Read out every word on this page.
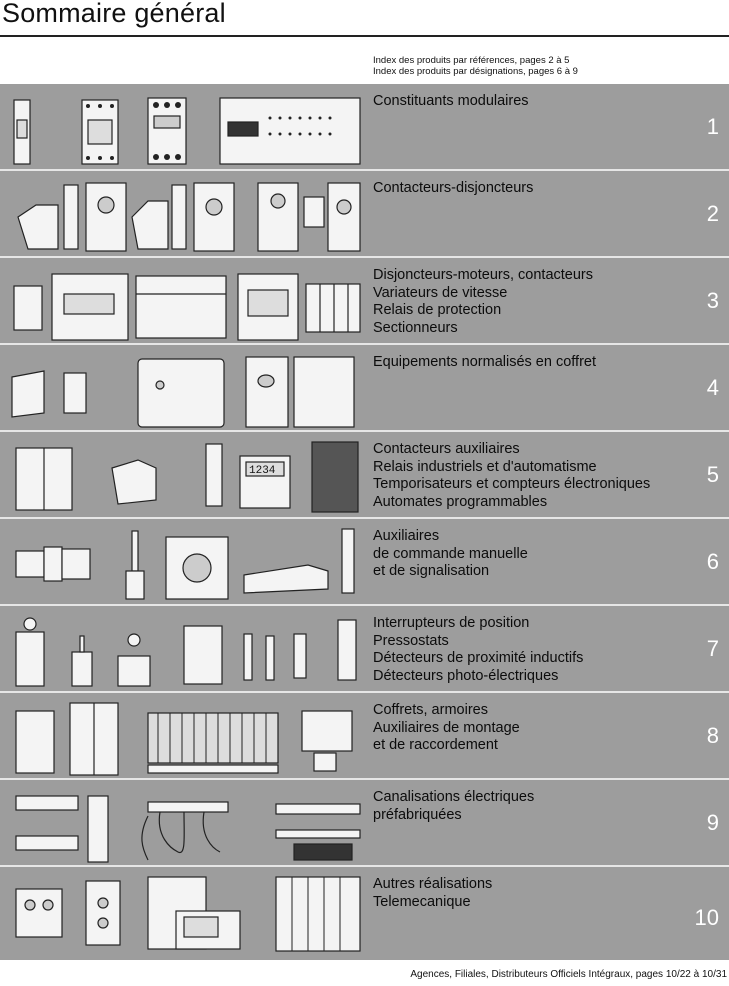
Sommaire général
Index des produits par références, pages 2 à 5
Index des produits par désignations, pages 6 à 9
Constituants modulaires
1
Contacteurs-disjoncteurs
2
Disjoncteurs-moteurs, contacteurs
Variateurs de vitesse
Relais de protection
Sectionneurs
3
Equipements normalisés en coffret
4
1234
Contacteurs auxiliaires
Relais industriels et d'automatisme
Temporisateurs et compteurs électroniques
Automates programmables
5
Auxiliaires
de commande manuelle
et de signalisation	6
Interrupteurs de position
Pressostats
Détecteurs de proximité inductifs
Détecteurs photo-électriques
7
Coffrets, armoires
Auxiliaires de montage
et de raccordement	8
Canalisations électriques
préfabriquées	9
Autres réalisations
Telemecanique
10
Agences, Filiales, Distributeurs Officiels Intégraux, pages 10/22 à 10/31
